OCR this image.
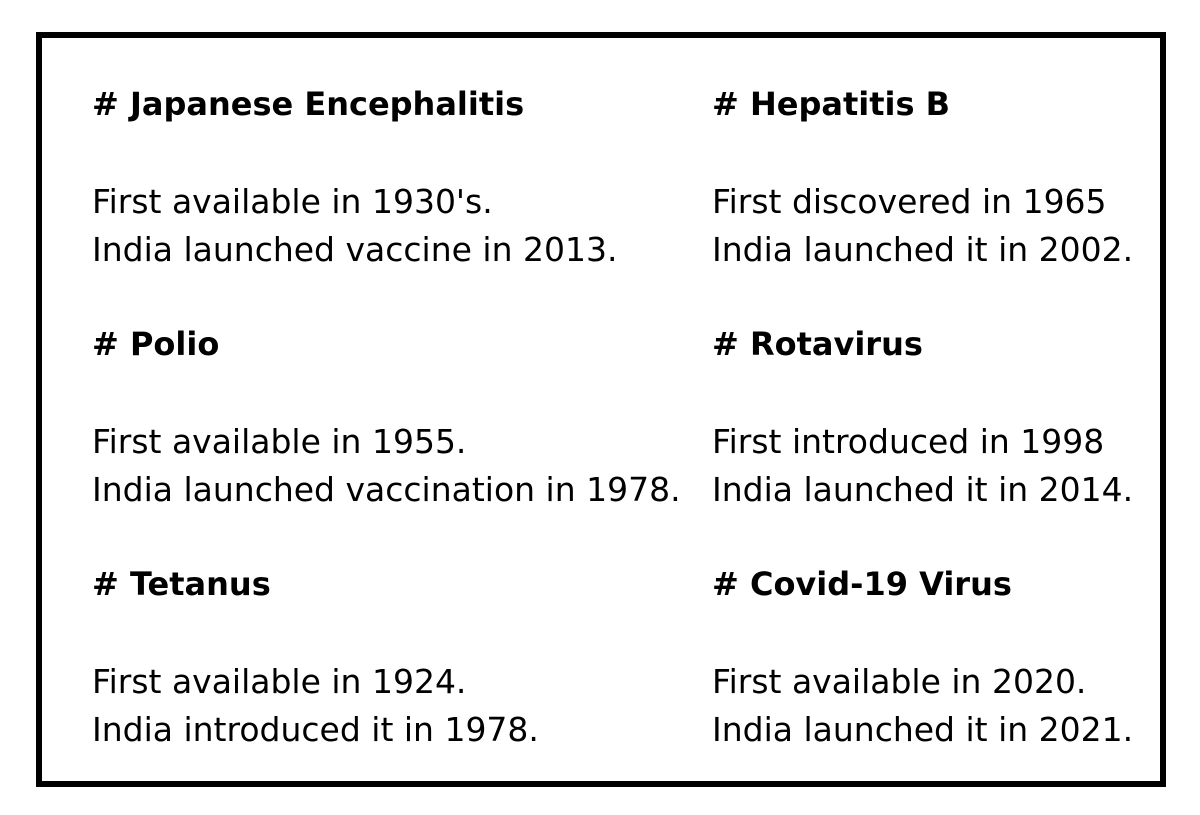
# Japanese Encephalitis
First available in 1930's.
India launched vaccine in 2013.
# Hepatitis B
First discovered in 1965
India launched it in 2002.
# Polio
First available in 1955.
India launched vaccination in 1978.
# Rotavirus
First introduced in 1998
India launched it in 2014.
# Tetanus
First available in 1924.
India introduced it in 1978.
# Covid-19 Virus
First available in 2020.
India launched it in 2021.
